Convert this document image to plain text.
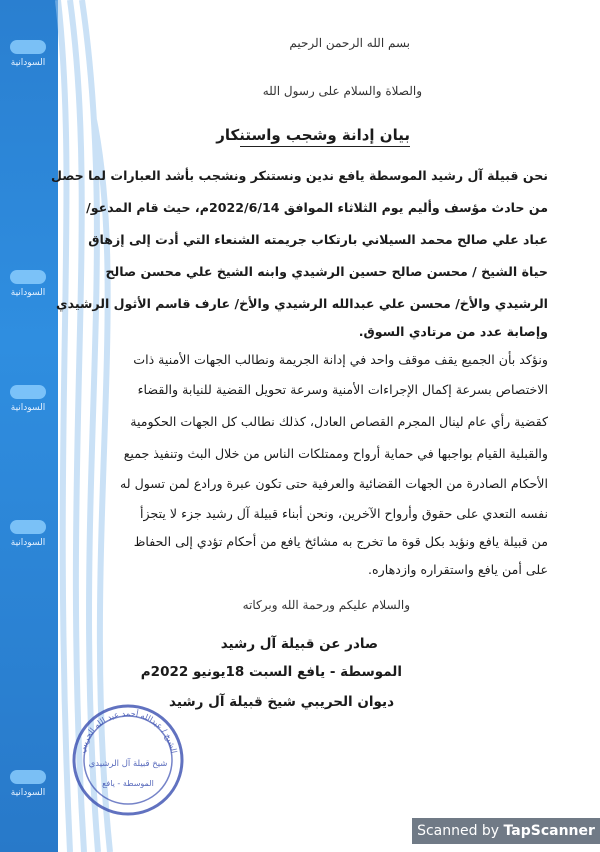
السودانية
السودانية
السودانية
السودانية
السودانية
بسم الله الرحمن الرحيم
والصلاة والسلام على رسول الله
بيان إدانة وشجب واستنكار
نحن قبيلة آل رشيد الموسطة يافع ندين ونستنكر ونشجب بأشد العبارات لما حصل
من حادث مؤسف وأليم يوم الثلاثاء الموافق 2022/6/14م، حيث قام المدعو/
عباد علي صالح محمد السيلاني بارتكاب جريمته الشنعاء التي أدت إلى إزهاق
حياة الشيخ / محسن صالح حسين الرشيدي وابنه الشيخ علي محسن صالح
الرشيدي والأخ/ محسن علي عبدالله الرشيدي والأخ/ عارف قاسم الأثول الرشيدي
وإصابة عدد من مرتادي السوق.
ونؤكد بأن الجميع يقف موقف واحد في إدانة الجريمة ونطالب الجهات الأمنية ذات
الاختصاص بسرعة إكمال الإجراءات الأمنية وسرعة تحويل القضية للنيابة والقضاء
كقضية رأي عام لينال المجرم القصاص العادل، كذلك نطالب كل الجهات الحكومية
والقبلية القيام بواجبها في حماية أرواح وممتلكات الناس من خلال البث وتنفيذ جميع
الأحكام الصادرة من الجهات القضائية والعرفية حتى تكون عبرة ورادع لمن تسول له
نفسه التعدي على حقوق وأرواح الآخرين، ونحن أبناء قبيلة آل رشيد جزء لا يتجزأ
من قبيلة يافع ونؤيد بكل قوة ما تخرج به مشائخ يافع من أحكام تؤدي إلى الحفاظ
على أمن يافع واستقراره وازدهاره.
والسلام عليكم ورحمة الله وبركاته
صادر عن قبيلة آل رشيد
الموسطة - يافع السبت 18يونيو 2022م
ديوان الحريبي شيخ قبيلة آل رشيد
الشيخ / عبدالله أحمد عبد الله الحريبي
شيخ قبيلة آل الرشيدي
الموسطة - يافع
Scanned by TapScanner
